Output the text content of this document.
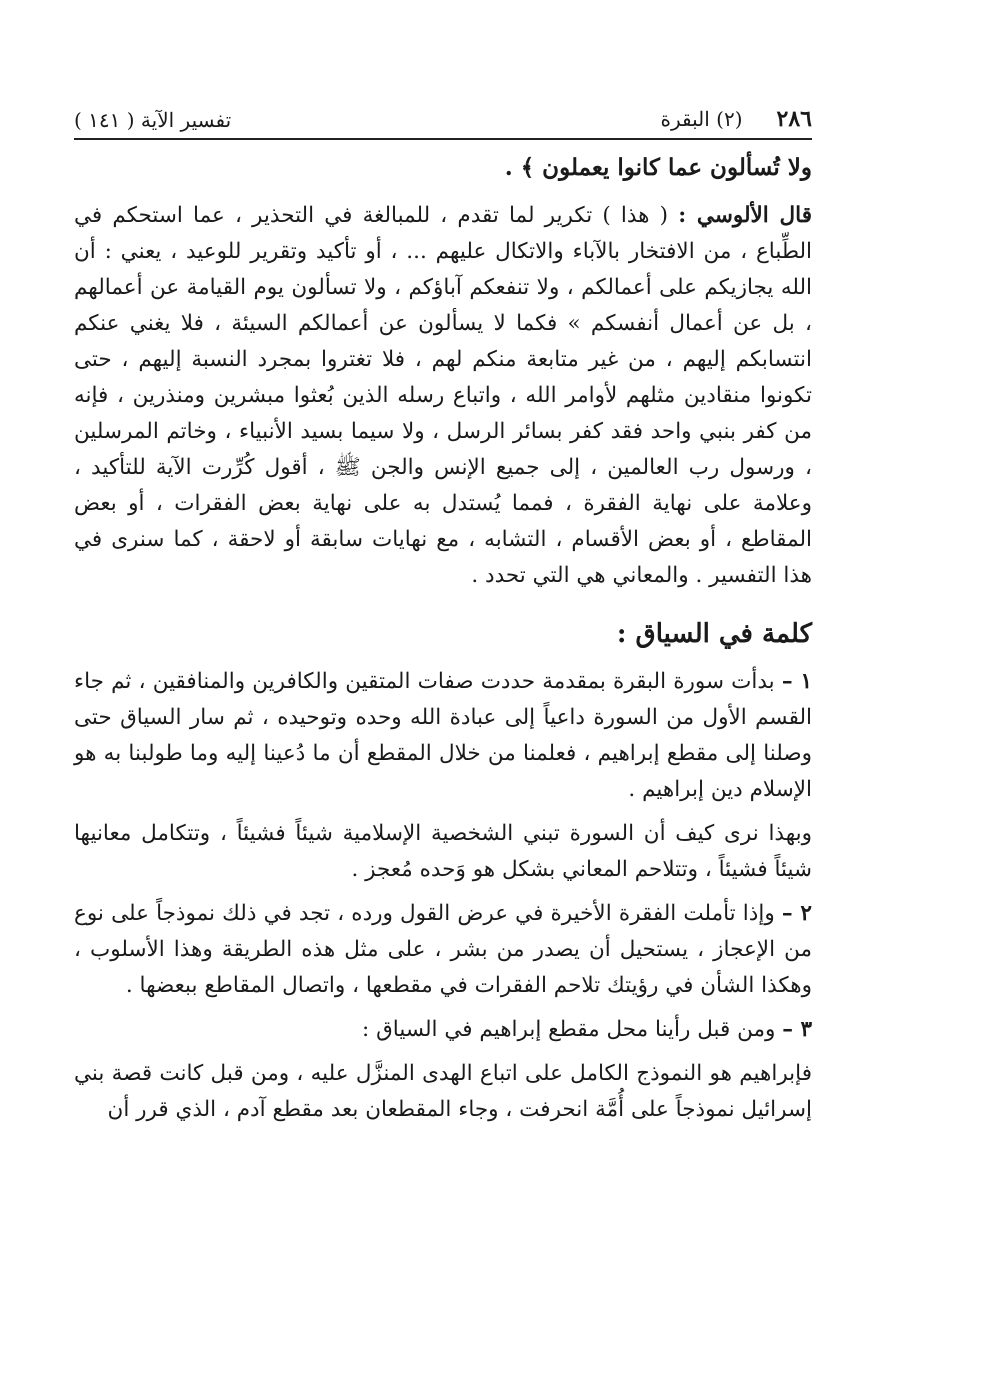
٢٨٦
(٢) البقرة
تفسير الآية ( ١٤١ )

ولا تُسألون عما كانوا يعملون ﴾ .

قال الألوسي : ( هذا ) تكرير لما تقدم ، للمبالغة في التحذير ، عما استحكم في الطِّباع ، من الافتخار بالآباء والاتكال عليهم ... ، أو تأكيد وتقرير للوعيد ، يعني : أن الله يجازيكم على أعمالكم ، ولا تنفعكم آباؤكم ، ولا تسألون يوم القيامة عن أعمالهم ، بل عن أعمال أنفسكم » فكما لا يسألون عن أعمالكم السيئة ، فلا يغني عنكم انتسابكم إليهم ، من غير متابعة منكم لهم ، فلا تغتروا بمجرد النسبة إليهم ، حتى تكونوا منقادين مثلهم لأوامر الله ، واتباع رسله الذين بُعثوا مبشرين ومنذرين ، فإنه من كفر بنبي واحد فقد كفر بسائر الرسل ، ولا سيما بسيد الأنبياء ، وخاتم المرسلين ، ورسول رب العالمين ، إلى جميع الإنس والجن ﷺ ، أقول كُرِّرت الآية للتأكيد ، وعلامة على نهاية الفقرة ، فمما يُستدل به على نهاية بعض الفقرات ، أو بعض المقاطع ، أو بعض الأقسام ، التشابه ، مع نهايات سابقة أو لاحقة ، كما سنرى في هذا التفسير . والمعاني هي التي تحدد .

كلمة في السياق :

١ – بدأت سورة البقرة بمقدمة حددت صفات المتقين والكافرين والمنافقين ، ثم جاء القسم الأول من السورة داعياً إلى عبادة الله وحده وتوحيده ، ثم سار السياق حتى وصلنا إلى مقطع إبراهيم ، فعلمنا من خلال المقطع أن ما دُعينا إليه وما طولبنا به هو الإسلام دين إبراهيم .

وبهذا نرى كيف أن السورة تبني الشخصية الإسلامية شيئاً فشيئاً ، وتتكامل معانيها شيئاً فشيئاً ، وتتلاحم المعاني بشكل هو وَحده مُعجز .

٢ – وإذا تأملت الفقرة الأخيرة في عرض القول ورده ، تجد في ذلك نموذجاً على نوع من الإعجاز ، يستحيل أن يصدر من بشر ، على مثل هذه الطريقة وهذا الأسلوب ، وهكذا الشأن في رؤيتك تلاحم الفقرات في مقطعها ، واتصال المقاطع ببعضها .

٣ – ومن قبل رأينا محل مقطع إبراهيم في السياق :

فإبراهيم هو النموذج الكامل على اتباع الهدى المنزَّل عليه ، ومن قبل كانت قصة بني إسرائيل نموذجاً على أُمَّة انحرفت ، وجاء المقطعان بعد مقطع آدم ، الذي قرر أن
